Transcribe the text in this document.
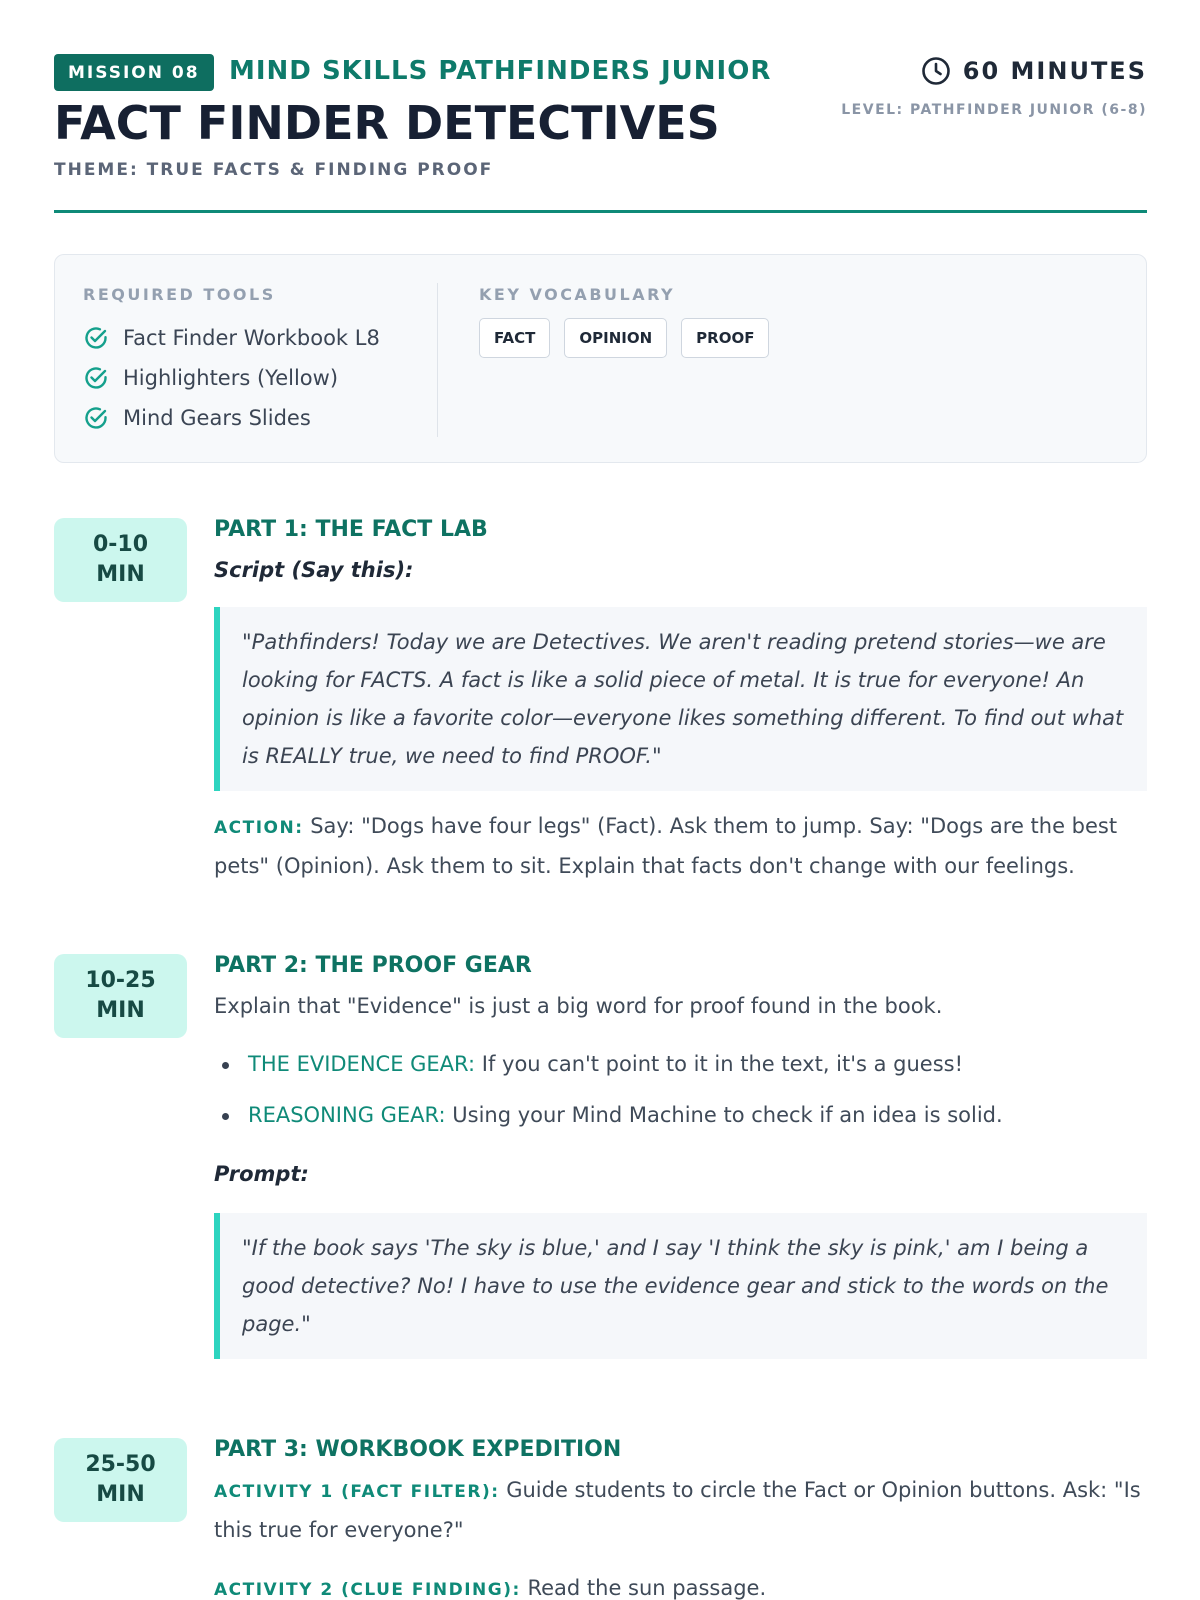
MISSION 08	MIND SKILLS PATHFINDERS JUNIOR
FACT FINDER DETECTIVES
THEME: TRUE FACTS & FINDING PROOF
60 MINUTES
LEVEL: PATHFINDER JUNIOR (6-8)
REQUIRED TOOLS
Fact Finder Workbook L8
Highlighters (Yellow)
Mind Gears Slides
KEY VOCABULARY
FACT	OPINION	PROOF
0-10
MIN
PART 1: THE FACT LAB
Script (Say this):
"Pathfinders! Today we are Detectives. We aren't reading pretend stories—we are looking for FACTS. A fact is like a solid piece of metal. It is true for everyone! An opinion is like a favorite color—everyone likes something different. To find out what is REALLY true, we need to find PROOF."
ACTION: Say: "Dogs have four legs" (Fact). Ask them to jump. Say: "Dogs are the best pets" (Opinion). Ask them to sit. Explain that facts don't change with our feelings.
10-25
MIN
PART 2: THE PROOF GEAR
Explain that "Evidence" is just a big word for proof found in the book.
THE EVIDENCE GEAR: If you can't point to it in the text, it's a guess!
REASONING GEAR: Using your Mind Machine to check if an idea is solid.
Prompt:
"If the book says 'The sky is blue,' and I say 'I think the sky is pink,' am I being a good detective? No! I have to use the evidence gear and stick to the words on the page."
25-50
MIN
PART 3: WORKBOOK EXPEDITION
ACTIVITY 1 (FACT FILTER): Guide students to circle the Fact or Opinion buttons. Ask: "Is this true for everyone?"
ACTIVITY 2 (CLUE FINDING): Read the sun passage.
